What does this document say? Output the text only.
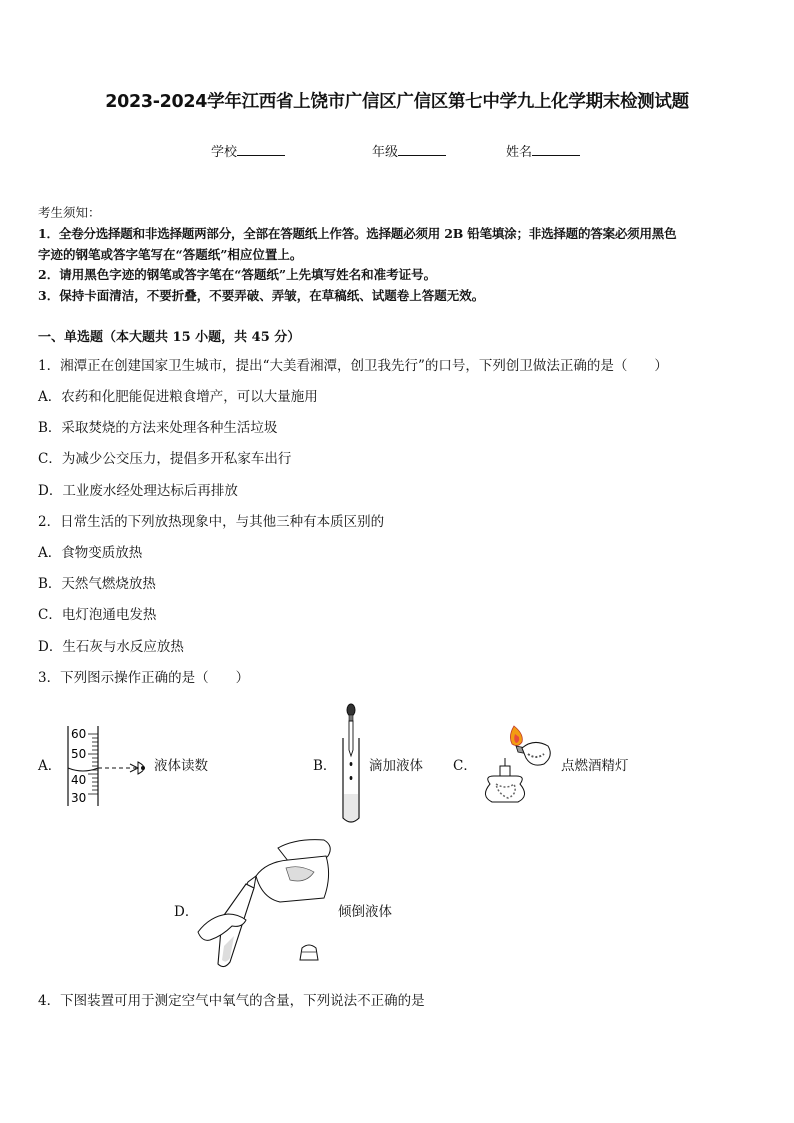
2023-2024学年江西省上饶市广信区广信区第七中学九上化学期末检测试题
学校	年级	姓名
考生须知：
1．全卷分选择题和非选择题两部分，全部在答题纸上作答。选择题必须用 2B 铅笔填涂；非选择题的答案必须用黑色
字迹的钢笔或答字笔写在“答题纸”相应位置上。
2．请用黑色字迹的钢笔或答字笔在“答题纸”上先填写姓名和准考证号。
3．保持卡面清洁，不要折叠，不要弄破、弄皱，在草稿纸、试题卷上答题无效。
一、单选题（本大题共 15 小题，共 45 分）
1．湘潭正在创建国家卫生城市，提出“大美看湘潭，创卫我先行”的口号，下列创卫做法正确的是（　　）
A．农药和化肥能促进粮食增产，可以大量施用
B．采取焚烧的方法来处理各种生活垃圾
C．为减少公交压力，提倡多开私家车出行
D．工业废水经处理达标后再排放
2．日常生活的下列放热现象中，与其他三种有本质区别的
A．食物变质放热
B．天然气燃烧放热
C．电灯泡通电发热
D．生石灰与水反应放热
3．下列图示操作正确的是（　　）
A．
60
50
40
30
液体读数	B． 滴加液体 C．	点燃酒精灯
D．	倾倒液体
4．下图装置可用于测定空气中氧气的含量，下列说法不正确的是
